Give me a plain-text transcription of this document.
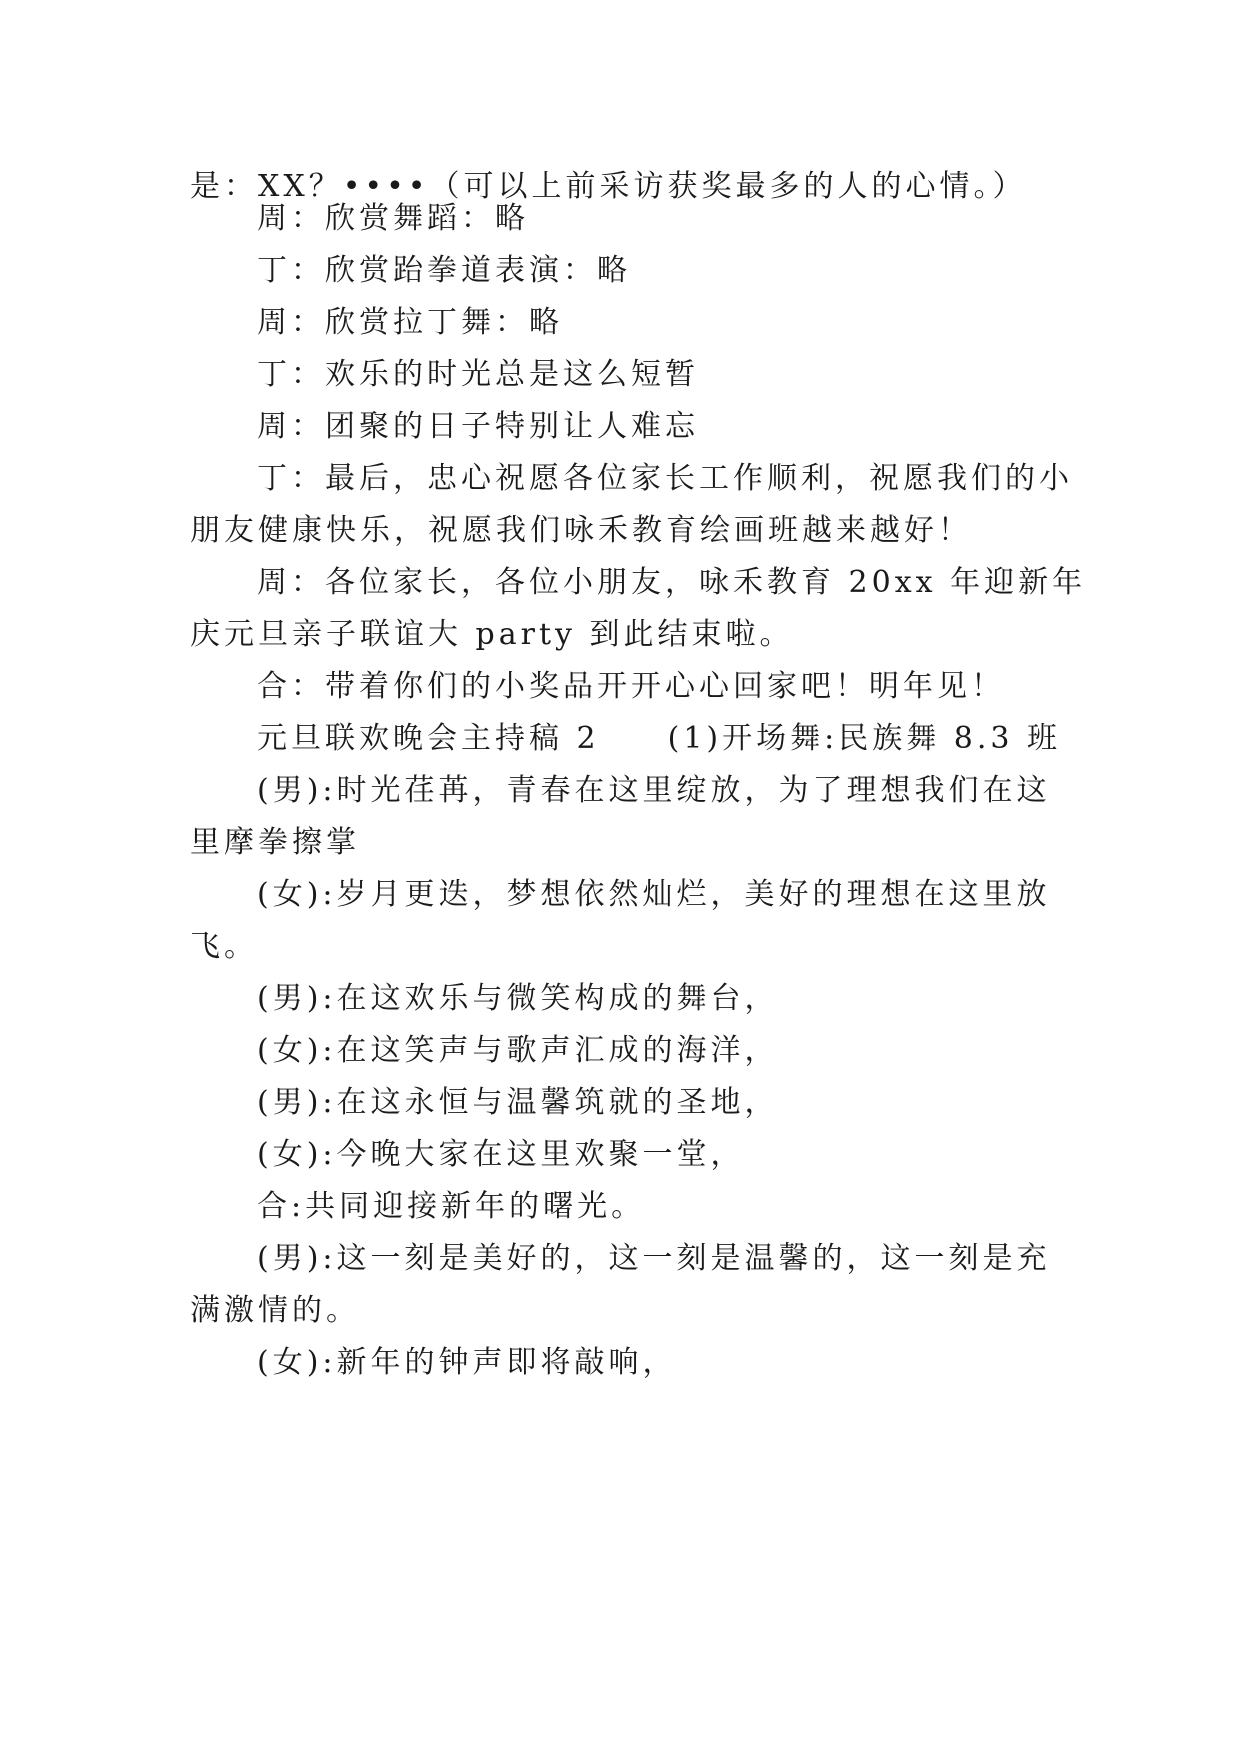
是：XX？••••（可以上前采访获奖最多的人的心情。）
周：欣赏舞蹈：略
丁：欣赏跆拳道表演：略
周：欣赏拉丁舞：略
丁：欢乐的时光总是这么短暂
周：团聚的日子特别让人难忘
丁：最后，忠心祝愿各位家长工作顺利，祝愿我们的小
朋友健康快乐，祝愿我们咏禾教育绘画班越来越好！
周：各位家长，各位小朋友，咏禾教育 20xx 年迎新年
庆元旦亲子联谊大 party 到此结束啦。
合：带着你们的小奖品开开心心回家吧！明年见！
元旦联欢晚会主持稿 2　　(1)开场舞:民族舞 8.3 班
(男):时光荏苒，青春在这里绽放，为了理想我们在这
里摩拳擦掌
(女):岁月更迭，梦想依然灿烂，美好的理想在这里放
飞。
(男):在这欢乐与微笑构成的舞台，
(女):在这笑声与歌声汇成的海洋，
(男):在这永恒与温馨筑就的圣地，
(女):今晚大家在这里欢聚一堂，
合:共同迎接新年的曙光。
(男):这一刻是美好的，这一刻是温馨的，这一刻是充
满激情的。
(女):新年的钟声即将敲响，
